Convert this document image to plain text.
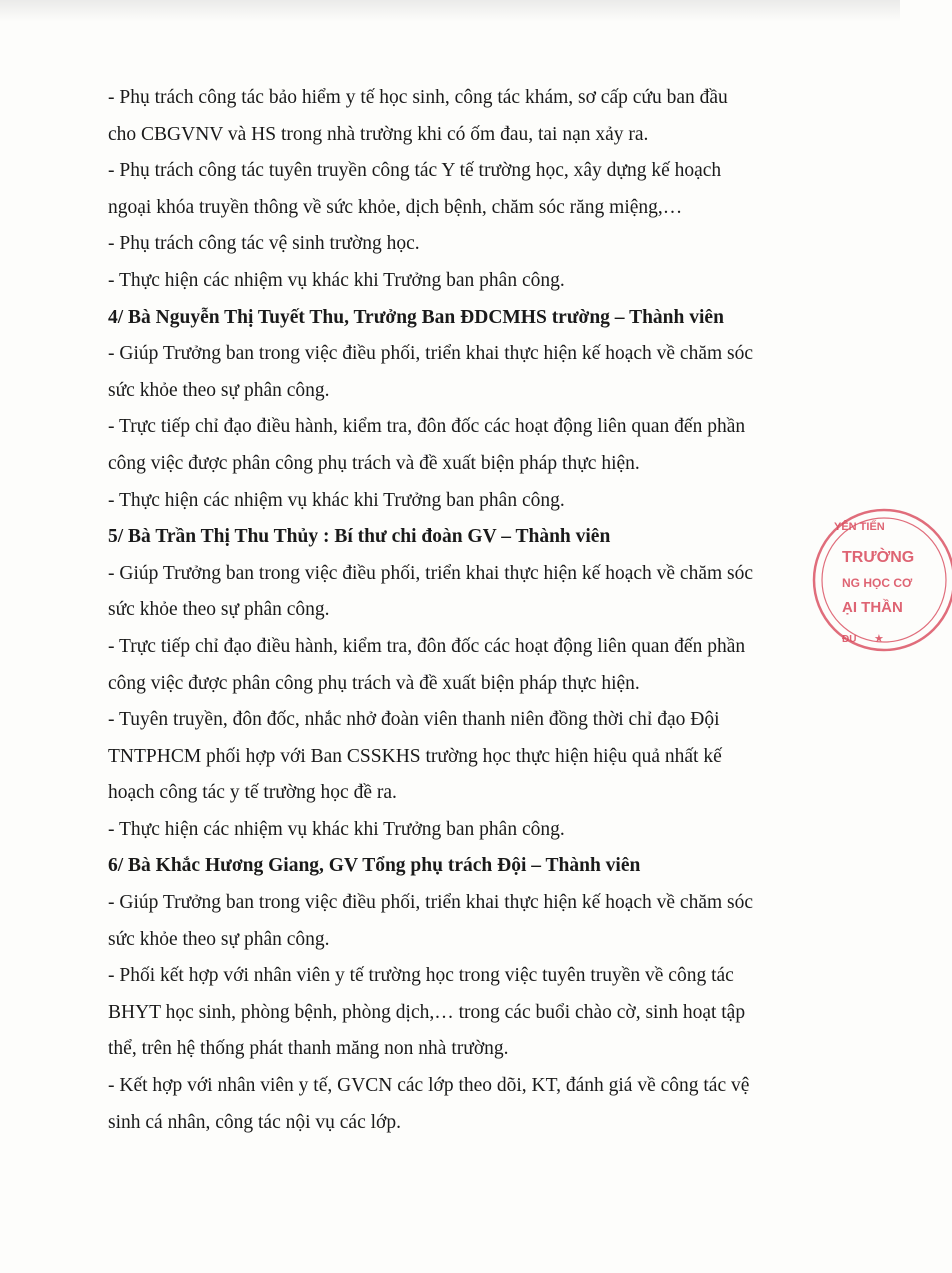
- Phụ trách công tác bảo hiểm y tế học sinh, công tác khám, sơ cấp cứu ban đầu
cho CBGVNV và HS trong nhà trường khi có ốm đau, tai nạn xảy ra.
- Phụ trách công tác tuyên truyền công tác Y tế trường học, xây dựng kế hoạch
ngoại khóa truyền thông về sức khỏe, dịch bệnh, chăm sóc răng miệng,…
- Phụ trách công tác vệ sinh trường học.
- Thực hiện các nhiệm vụ khác khi Trưởng ban phân công.
4/ Bà Nguyễn Thị Tuyết Thu, Trưởng Ban ĐDCMHS trường – Thành viên
- Giúp Trưởng ban trong việc điều phối, triển khai thực hiện kế hoạch về chăm sóc
sức khỏe theo sự phân công.
- Trực tiếp chỉ đạo điều hành, kiểm tra, đôn đốc các hoạt động liên quan đến phần
công việc được phân công phụ trách và đề xuất biện pháp thực hiện.
- Thực hiện các nhiệm vụ khác khi Trưởng ban phân công.
5/ Bà Trần Thị Thu Thủy : Bí thư chi đoàn GV – Thành viên
- Giúp Trưởng ban trong việc điều phối, triển khai thực hiện kế hoạch về chăm sóc
sức khỏe theo sự phân công.
- Trực tiếp chỉ đạo điều hành, kiểm tra, đôn đốc các hoạt động liên quan đến phần
công việc được phân công phụ trách và đề xuất biện pháp thực hiện.
- Tuyên truyền, đôn đốc, nhắc nhở đoàn viên thanh niên đồng thời chỉ đạo Đội
TNTPHCM phối hợp với Ban CSSKHS trường học thực hiện hiệu quả nhất kế
hoạch công tác y tế trường học đề ra.
- Thực hiện các nhiệm vụ khác khi Trưởng ban phân công.
6/ Bà Khắc Hương Giang, GV Tổng phụ trách Đội – Thành viên
- Giúp Trưởng ban trong việc điều phối, triển khai thực hiện kế hoạch về chăm sóc
sức khỏe theo sự phân công.
- Phối kết hợp với nhân viên y tế trường học trong việc tuyên truyền về công tác
BHYT học sinh, phòng bệnh, phòng dịch,… trong các buổi chào cờ, sinh hoạt tập
thể, trên hệ thống phát thanh măng non nhà trường.
- Kết hợp với nhân viên y tế, GVCN các lớp theo dõi, KT, đánh giá về công tác vệ
sinh cá nhân, công tác nội vụ các lớp.
YÊN TIẾN
TRƯỜNG
NG HỌC CƠ
ẠI THẦN
ĐU ★
